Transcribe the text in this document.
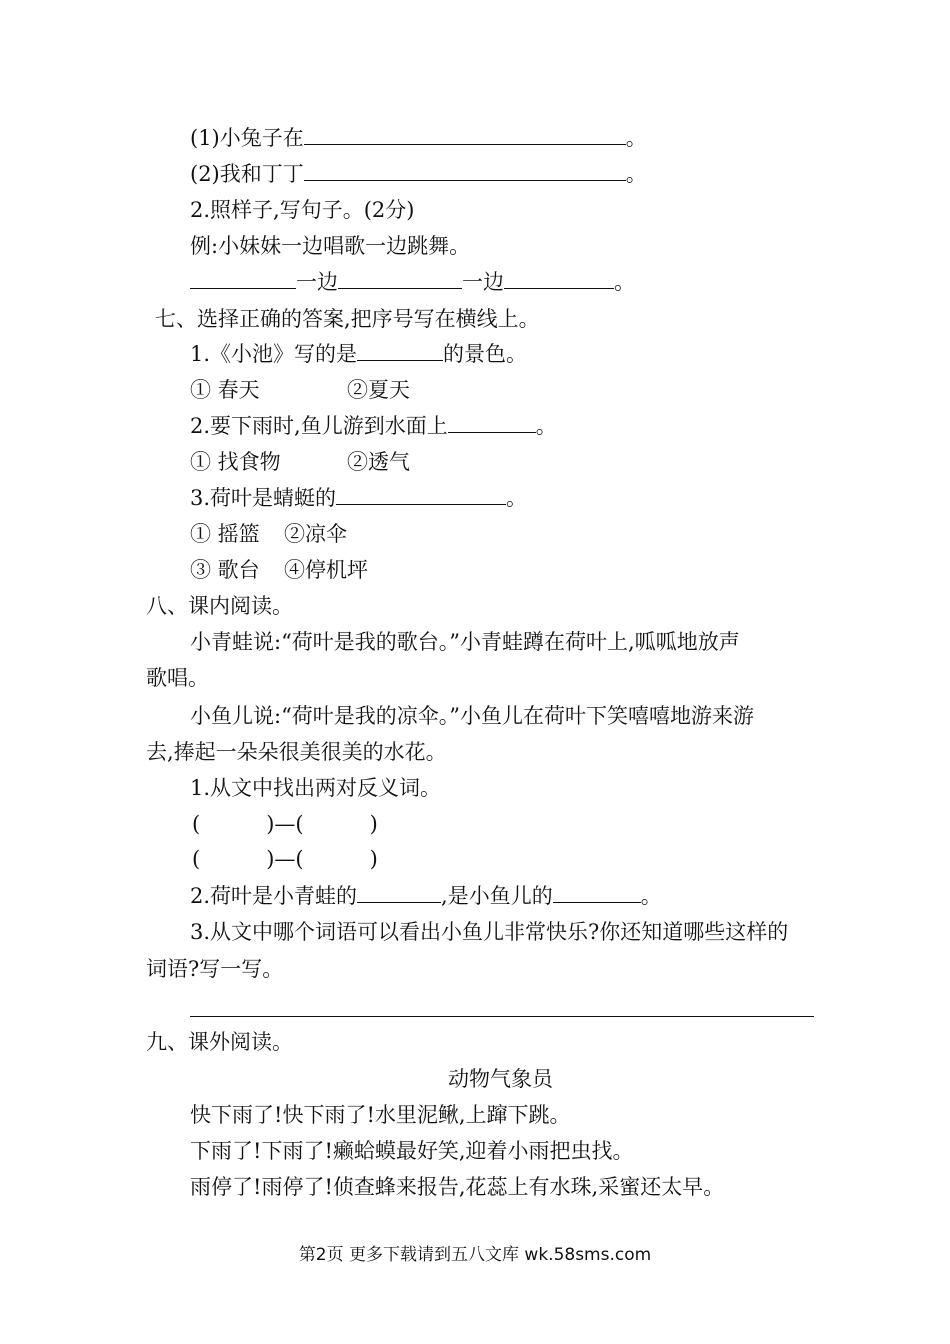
(1)小兔子在	。
(2)我和丁丁	。
2.照样子,写句子。(2分)
例:小妹妹一边唱歌一边跳舞。
一边	一边	。
七、选择正确的答案,把序号写在横线上。
1.《小池》写的是	的景色。
① 春天	②夏天
2.要下雨时,鱼儿游到水面上	。
① 找食物	②透气
3.荷叶是蜻蜓的	。
① 摇篮 ②凉伞
③ 歌台 ④停机坪
八、课内阅读。
小青蛙说:“荷叶是我的歌台。”小青蛙蹲在荷叶上,呱呱地放声
歌唱。
小鱼儿说:“荷叶是我的凉伞。”小鱼儿在荷叶下笑嘻嘻地游来游
去,捧起一朵朵很美很美的水花。
1.从文中找出两对反义词。
(	)—(	)
(	)—(	)
2.荷叶是小青蛙的	,是小鱼儿的	。
3.从文中哪个词语可以看出小鱼儿非常快乐?你还知道哪些这样的
词语?写一写。
九、课外阅读。
动物气象员
快下雨了!快下雨了!水里泥鳅,上蹿下跳。
下雨了!下雨了!癞蛤蟆最好笑,迎着小雨把虫找。
雨停了!雨停了!侦查蜂来报告,花蕊上有水珠,采蜜还太早。
第2页 更多下载请到五八文库 wk.58sms.com
